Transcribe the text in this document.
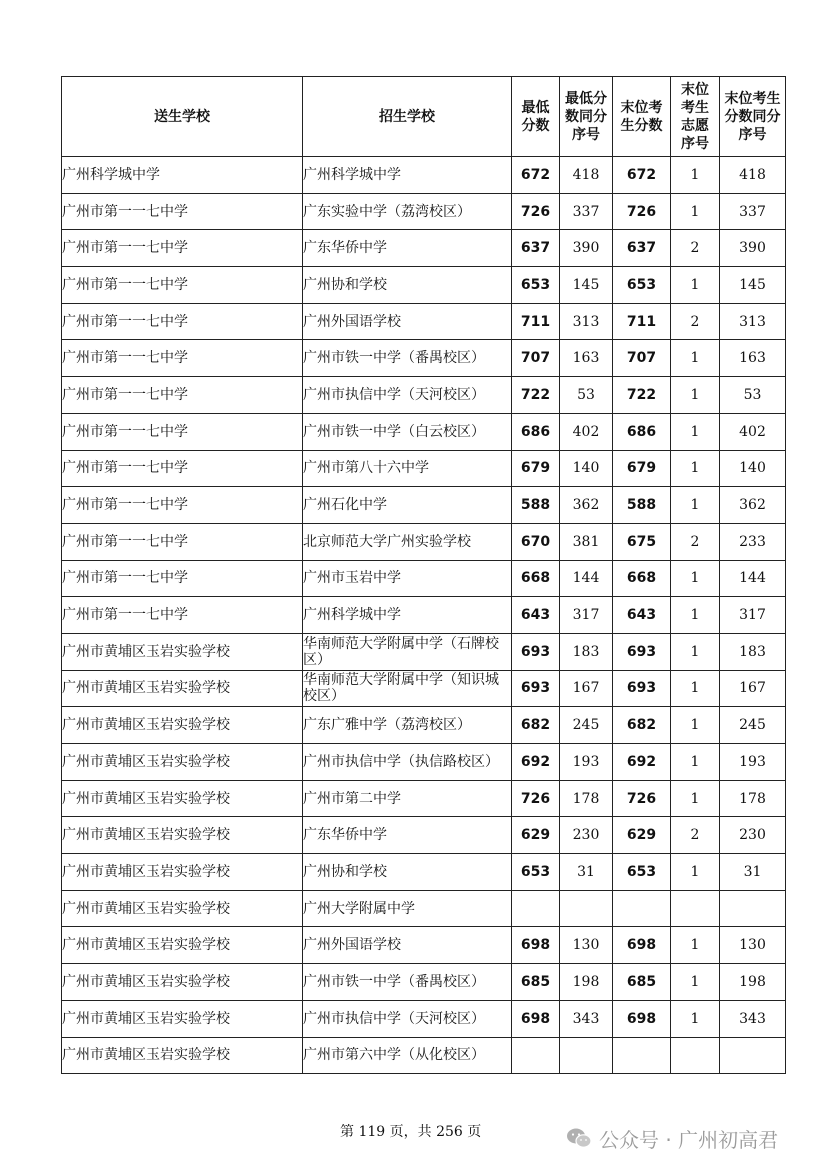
送生学校	招生学校	最低分数	最低分数同分序号	末位考生分数	末位考生志愿序号	末位考生分数同分序号
广州科学城中学	广州科学城中学	672	418	672	1	418
广州市第一一七中学	广东实验中学（荔湾校区）	726	337	726	1	337
广州市第一一七中学	广东华侨中学	637	390	637	2	390
广州市第一一七中学	广州协和学校	653	145	653	1	145
广州市第一一七中学	广州外国语学校	711	313	711	2	313
广州市第一一七中学	广州市铁一中学（番禺校区）	707	163	707	1	163
广州市第一一七中学	广州市执信中学（天河校区）	722	53	722	1	53
广州市第一一七中学	广州市铁一中学（白云校区）	686	402	686	1	402
广州市第一一七中学	广州市第八十六中学	679	140	679	1	140
广州市第一一七中学	广州石化中学	588	362	588	1	362
广州市第一一七中学	北京师范大学广州实验学校	670	381	675	2	233
广州市第一一七中学	广州市玉岩中学	668	144	668	1	144
广州市第一一七中学	广州科学城中学	643	317	643	1	317
广州市黄埔区玉岩实验学校	华南师范大学附属中学（石牌校区）	693	183	693	1	183
广州市黄埔区玉岩实验学校	华南师范大学附属中学（知识城校区）	693	167	693	1	167
广州市黄埔区玉岩实验学校	广东广雅中学（荔湾校区）	682	245	682	1	245
广州市黄埔区玉岩实验学校	广州市执信中学（执信路校区）	692	193	692	1	193
广州市黄埔区玉岩实验学校	广州市第二中学	726	178	726	1	178
广州市黄埔区玉岩实验学校	广东华侨中学	629	230	629	2	230
广州市黄埔区玉岩实验学校	广州协和学校	653	31	653	1	31
广州市黄埔区玉岩实验学校	广州大学附属中学					
广州市黄埔区玉岩实验学校	广州外国语学校	698	130	698	1	130
广州市黄埔区玉岩实验学校	广州市铁一中学（番禺校区）	685	198	685	1	198
广州市黄埔区玉岩实验学校	广州市执信中学（天河校区）	698	343	698	1	343
广州市黄埔区玉岩实验学校	广州市第六中学（从化校区）					
第 119 页，共 256 页	公众号 · 广州初高君
